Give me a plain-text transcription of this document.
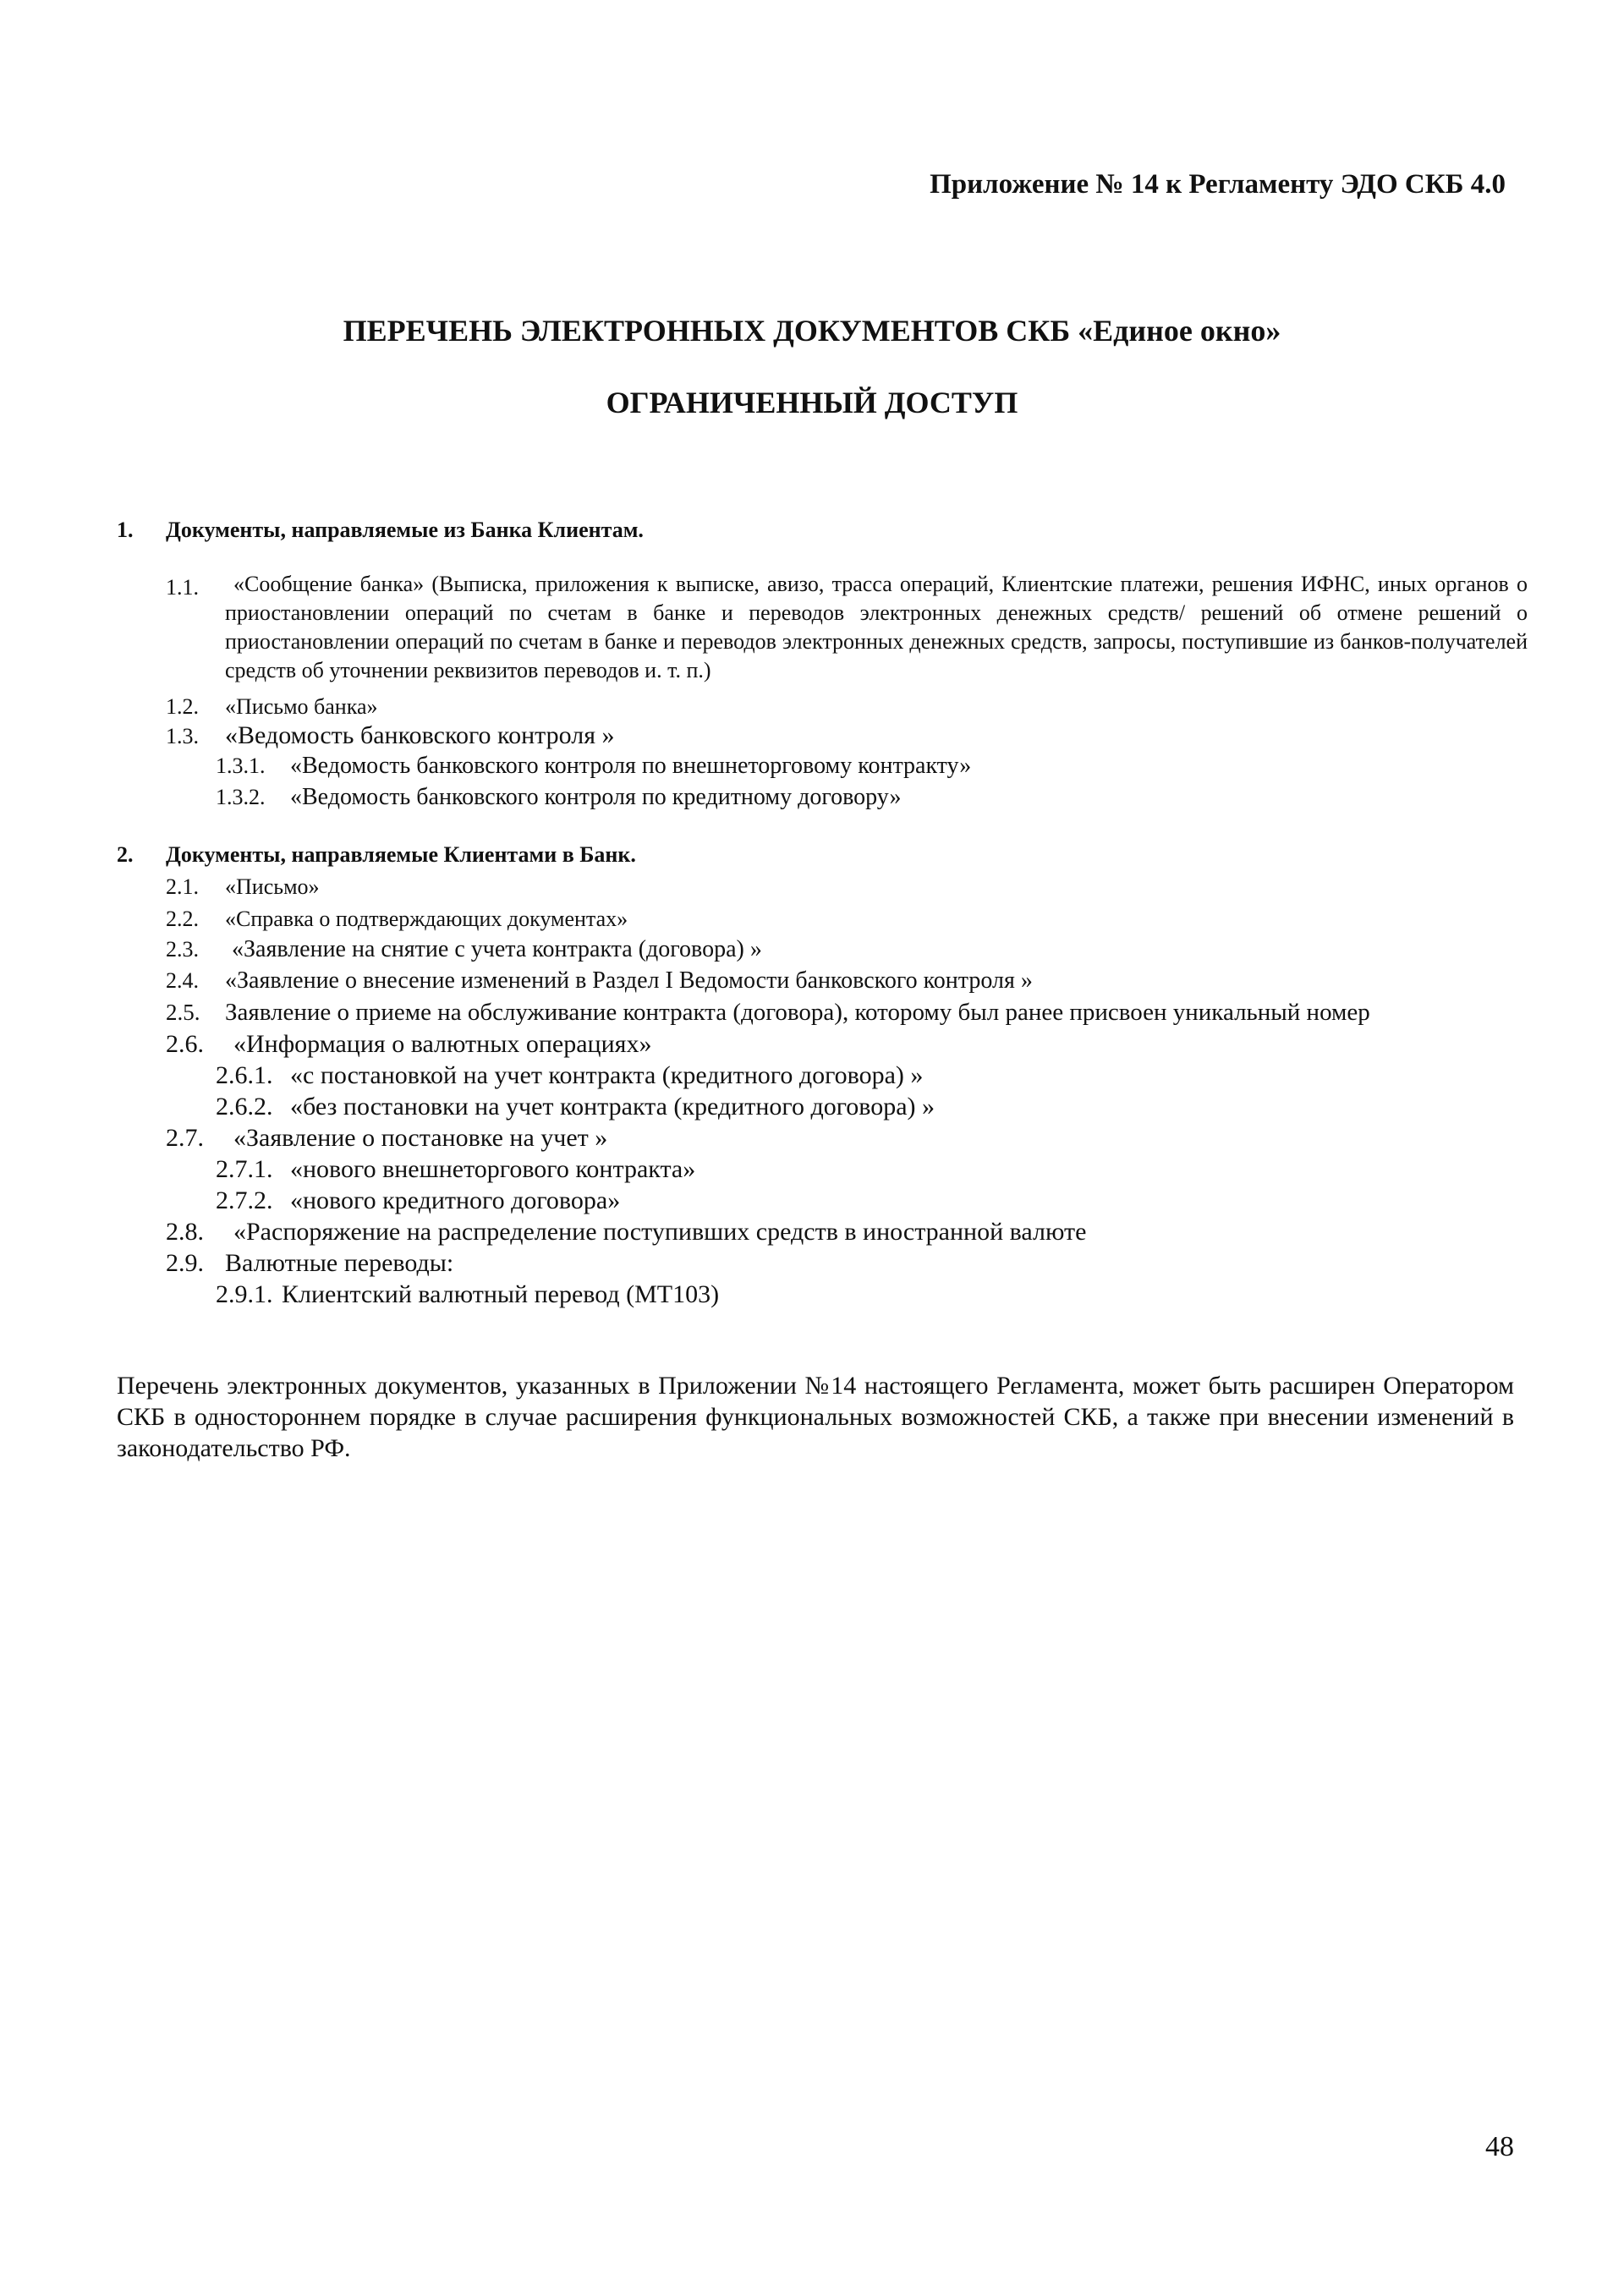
Приложение № 14 к Регламенту ЭДО СКБ 4.0
ПЕРЕЧЕНЬ ЭЛЕКТРОННЫХ ДОКУМЕНТОВ СКБ «Единое окно»
ОГРАНИЧЕННЫЙ ДОСТУП
1. Документы, направляемые из Банка Клиентам.
1.1.	«Сообщение банка» (Выписка, приложения к выписке, авизо, трасса операций, Клиентские платежи, решения ИФНС, иных органов о приостановлении операций по счетам в банке и переводов электронных денежных средств/ решений об отмене решений о приостановлении операций по счетам в банке и переводов электронных денежных средств, запросы, поступившие из банков-получателей средств об уточнении реквизитов переводов и. т. п.)
1.2. «Письмо банка»
1.3. «Ведомость банковского контроля »
1.3.1. «Ведомость банковского контроля по внешнеторговому контракту»
1.3.2. «Ведомость банковского контроля по кредитному договору»
2. Документы, направляемые Клиентами в Банк.
2.1. «Письмо»
2.2. «Справка о подтверждающих документах»
2.3. «Заявление на снятие с учета контракта (договора) »
2.4. «Заявление о внесение изменений в Раздел I Ведомости банковского контроля »
2.5. Заявление о приеме на обслуживание контракта (договора), которому был ранее присвоен уникальный номер
2.6. «Информация о валютных операциях»
2.6.1. «с постановкой на учет контракта (кредитного договора) »
2.6.2. «без постановки на учет контракта (кредитного договора) »
2.7. «Заявление о постановке на учет »
2.7.1. «нового внешнеторгового контракта»
2.7.2. «нового кредитного договора»
2.8. «Распоряжение на распределение поступивших средств в иностранной валюте
2.9. Валютные переводы:
2.9.1. Клиентский валютный перевод (МТ103)
Перечень электронных документов, указанных в Приложении №14 настоящего Регламента, может быть расширен Оператором СКБ в одностороннем порядке в случае расширения функциональных возможностей СКБ, а также при внесении изменений в законодательство РФ.
48
